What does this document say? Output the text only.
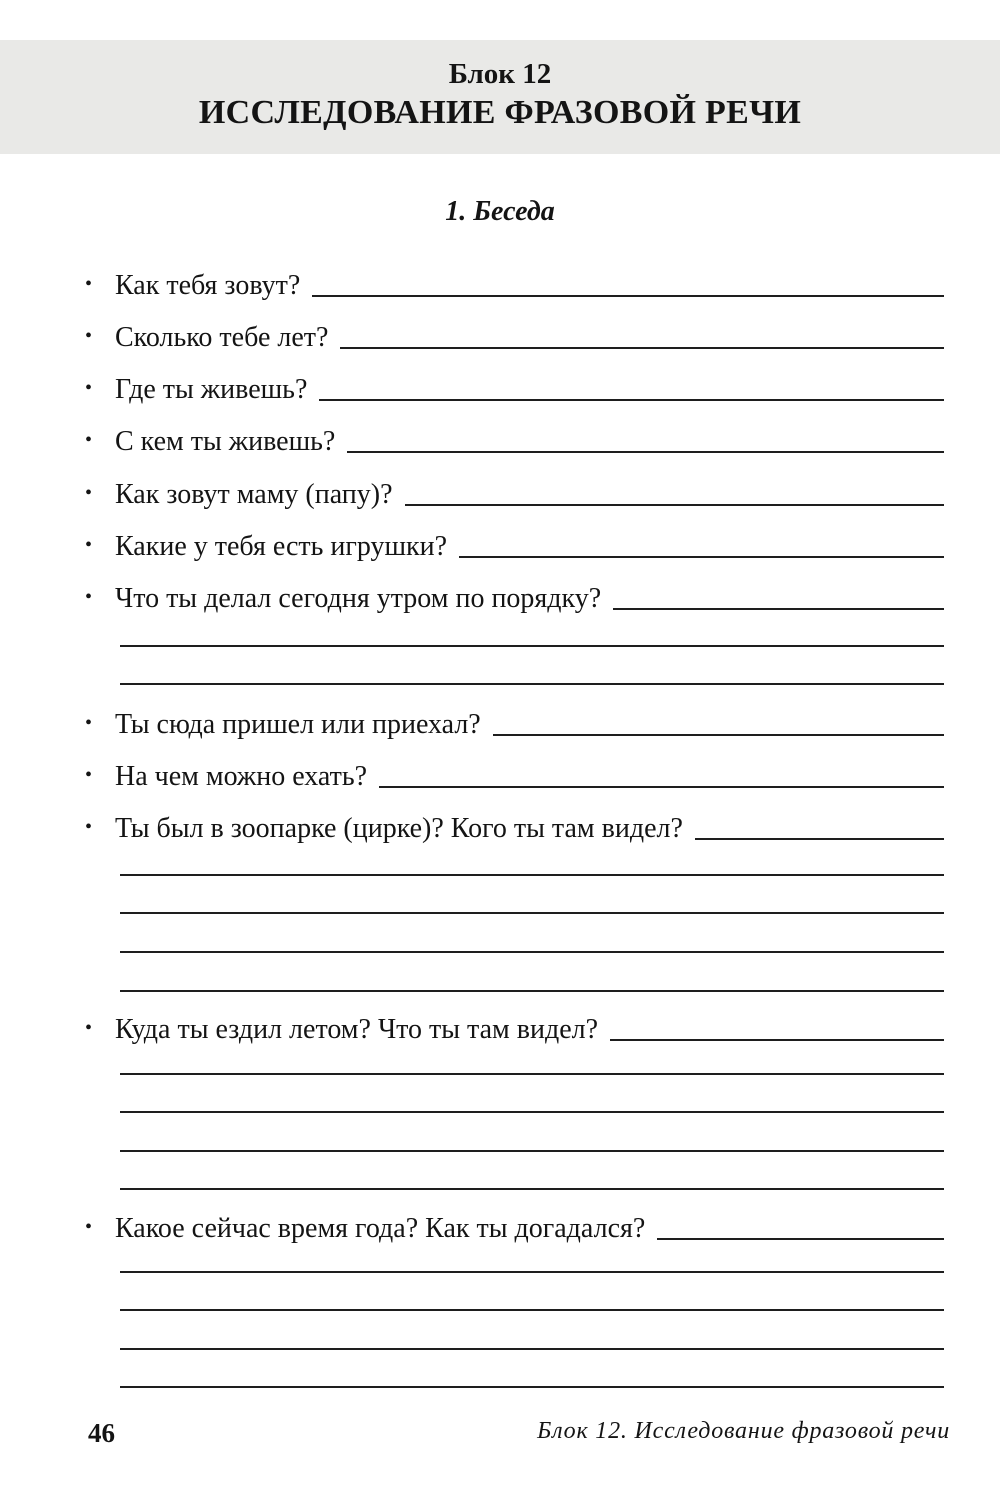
Блок 12
ИССЛЕДОВАНИЕ ФРАЗОВОЙ РЕЧИ
1. Беседа
• Как тебя зовут?
• Сколько тебе лет?
• Где ты живешь?
• С кем ты живешь?
• Как зовут маму (папу)?
• Какие у тебя есть игрушки?
• Что ты делал сегодня утром по порядку?
• Ты сюда пришел или приехал?
• На чем можно ехать?
• Ты был в зоопарке (цирке)? Кого ты там видел?
• Куда ты ездил летом? Что ты там видел?
• Какое сейчас время года? Как ты догадался?
46	Блок 12. Исследование фразовой речи
